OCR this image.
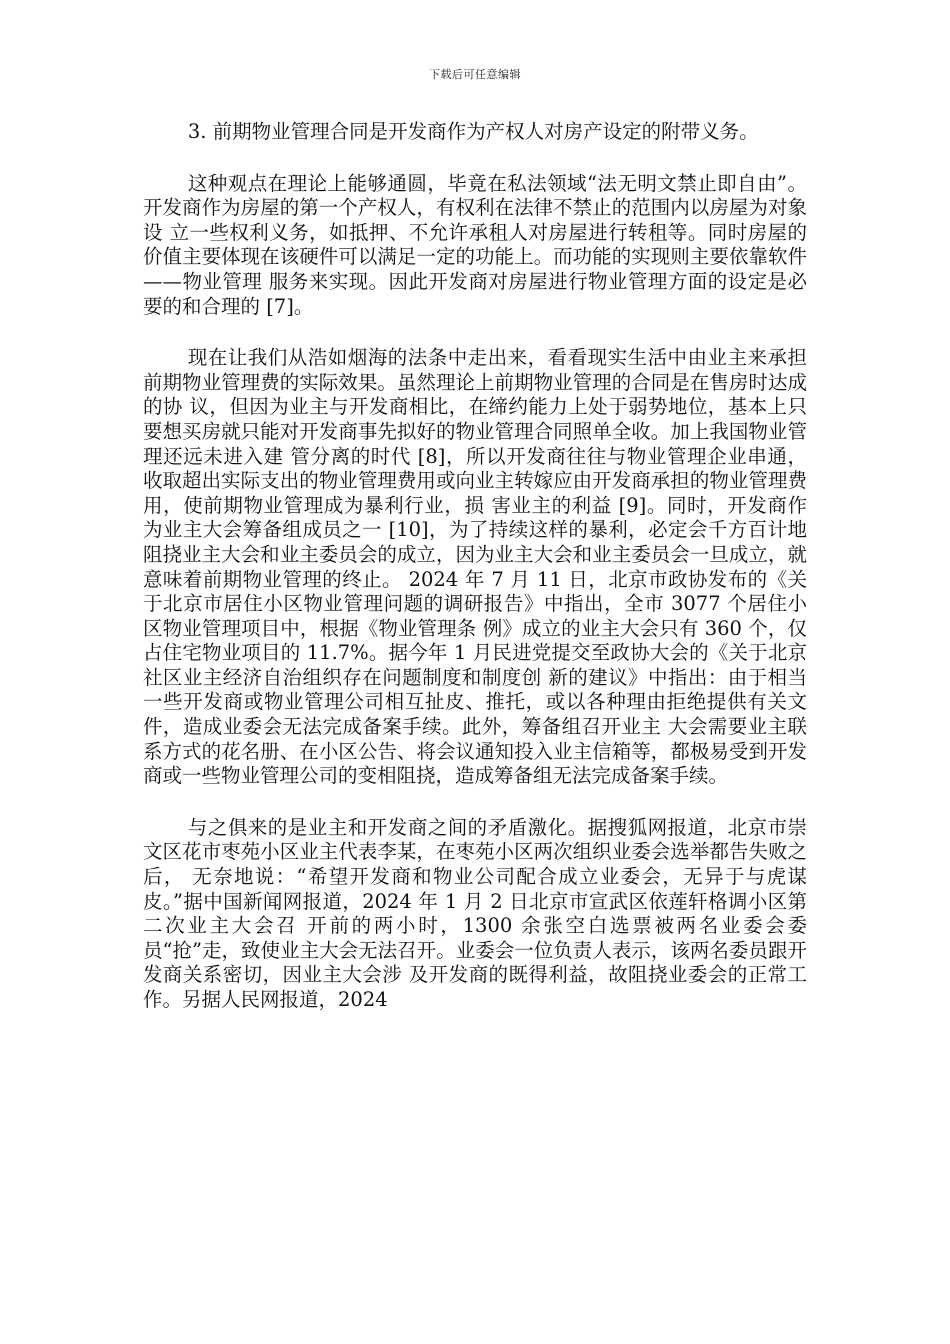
下载后可任意编辑

3. 前期物业管理合同是开发商作为产权人对房产设定的附带义务。

这种观点在理论上能够通圆，毕竟在私法领域“法无明文禁止即自由”。开发商作为房屋的第一个产权人，有权利在法律不禁止的范围内以房屋为对象设 立一些权利义务，如抵押、不允许承租人对房屋进行转租等。同时房屋的价值主要体现在该硬件可以满足一定的功能上。而功能的实现则主要依靠软件——物业管理 服务来实现。因此开发商对房屋进行物业管理方面的设定是必要的和合理的 [7]。

现在让我们从浩如烟海的法条中走出来，看看现实生活中由业主来承担前期物业管理费的实际效果。虽然理论上前期物业管理的合同是在售房时达成的协 议，但因为业主与开发商相比，在缔约能力上处于弱势地位，基本上只要想买房就只能对开发商事先拟好的物业管理合同照单全收。加上我国物业管理还远未进入建 管分离的时代 [8]，所以开发商往往与物业管理企业串通，收取超出实际支出的物业管理费用或向业主转嫁应由开发商承担的物业管理费用，使前期物业管理成为暴利行业，损 害业主的利益 [9]。同时，开发商作为业主大会筹备组成员之一 [10]，为了持续这样的暴利，必定会千方百计地阻挠业主大会和业主委员会的成立，因为业主大会和业主委员会一旦成立，就意味着前期物业管理的终止。 2024 年 7 月 11 日，北京市政协发布的《关于北京市居住小区物业管理问题的调研报告》中指出，全市 3077 个居住小区物业管理项目中，根据《物业管理条 例》成立的业主大会只有 360 个，仅占住宅物业项目的 11.7%。据今年 1 月民进党提交至政协大会的《关于北京社区业主经济自治组织存在问题制度和制度创 新的建议》中指出：由于相当一些开发商或物业管理公司相互扯皮、推托，或以各种理由拒绝提供有关文件，造成业委会无法完成备案手续。此外，筹备组召开业主 大会需要业主联系方式的花名册、在小区公告、将会议通知投入业主信箱等，都极易受到开发商或一些物业管理公司的变相阻挠，造成筹备组无法完成备案手续。

与之俱来的是业主和开发商之间的矛盾激化。据搜狐网报道，北京市崇文区花市枣苑小区业主代表李某，在枣苑小区两次组织业委会选举都告失败之后， 无奈地说：“希望开发商和物业公司配合成立业委会，无异于与虎谋皮。”据中国新闻网报道，2024 年 1 月 2 日北京市宣武区依莲轩格调小区第二次业主大会召 开前的两小时，1300 余张空白选票被两名业委会委员“抢”走，致使业主大会无法召开。业委会一位负责人表示，该两名委员跟开发商关系密切，因业主大会涉 及开发商的既得利益，故阻挠业委会的正常工作。另据人民网报道，2024
